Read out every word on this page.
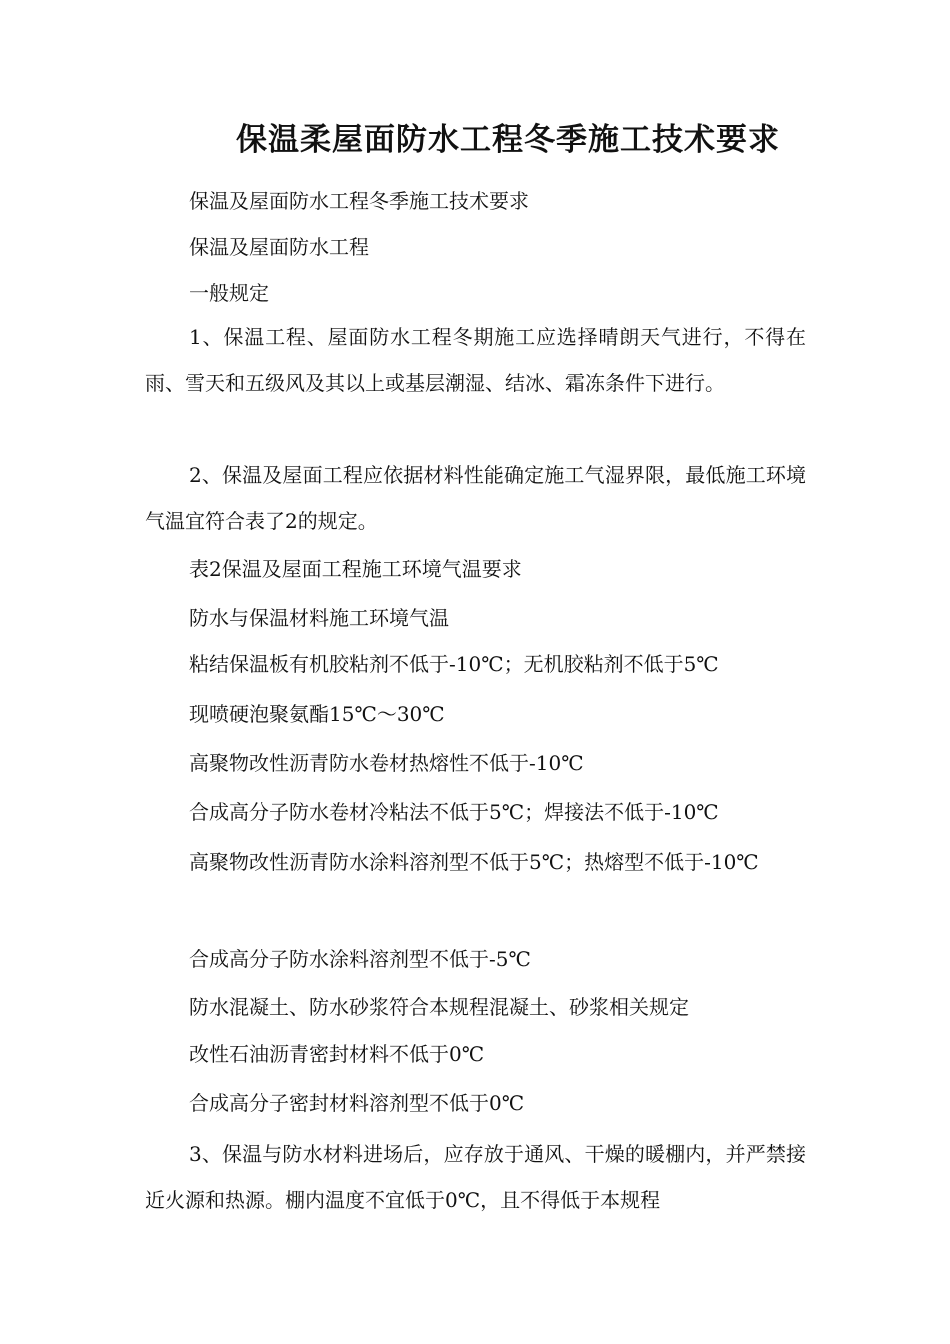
保温柔屋面防水工程冬季施工技术要求

保温及屋面防水工程冬季施工技术要求

保温及屋面防水工程

一般规定

1、保温工程、屋面防水工程冬期施工应选择晴朗天气进行，不得在雨、雪天和五级风及其以上或基层潮湿、结冰、霜冻条件下进行。

2、保温及屋面工程应依据材料性能确定施工气湿界限，最低施工环境气温宜符合表了2的规定。

表2保温及屋面工程施工环境气温要求

防水与保温材料施工环境气温

粘结保温板有机胶粘剂不低于-10℃；无机胶粘剂不低于5℃

现喷硬泡聚氨酯15℃～30℃

高聚物改性沥青防水卷材热熔性不低于-10℃

合成高分子防水卷材冷粘法不低于5℃；焊接法不低于-10℃

高聚物改性沥青防水涂料溶剂型不低于5℃；热熔型不低于-10℃

合成高分子防水涂料溶剂型不低于-5℃

防水混凝土、防水砂浆符合本规程混凝土、砂浆相关规定

改性石油沥青密封材料不低于0℃

合成高分子密封材料溶剂型不低于0℃

3、保温与防水材料进场后，应存放于通风、干燥的暖棚内，并严禁接近火源和热源。棚内温度不宜低于0℃，且不得低于本规程
